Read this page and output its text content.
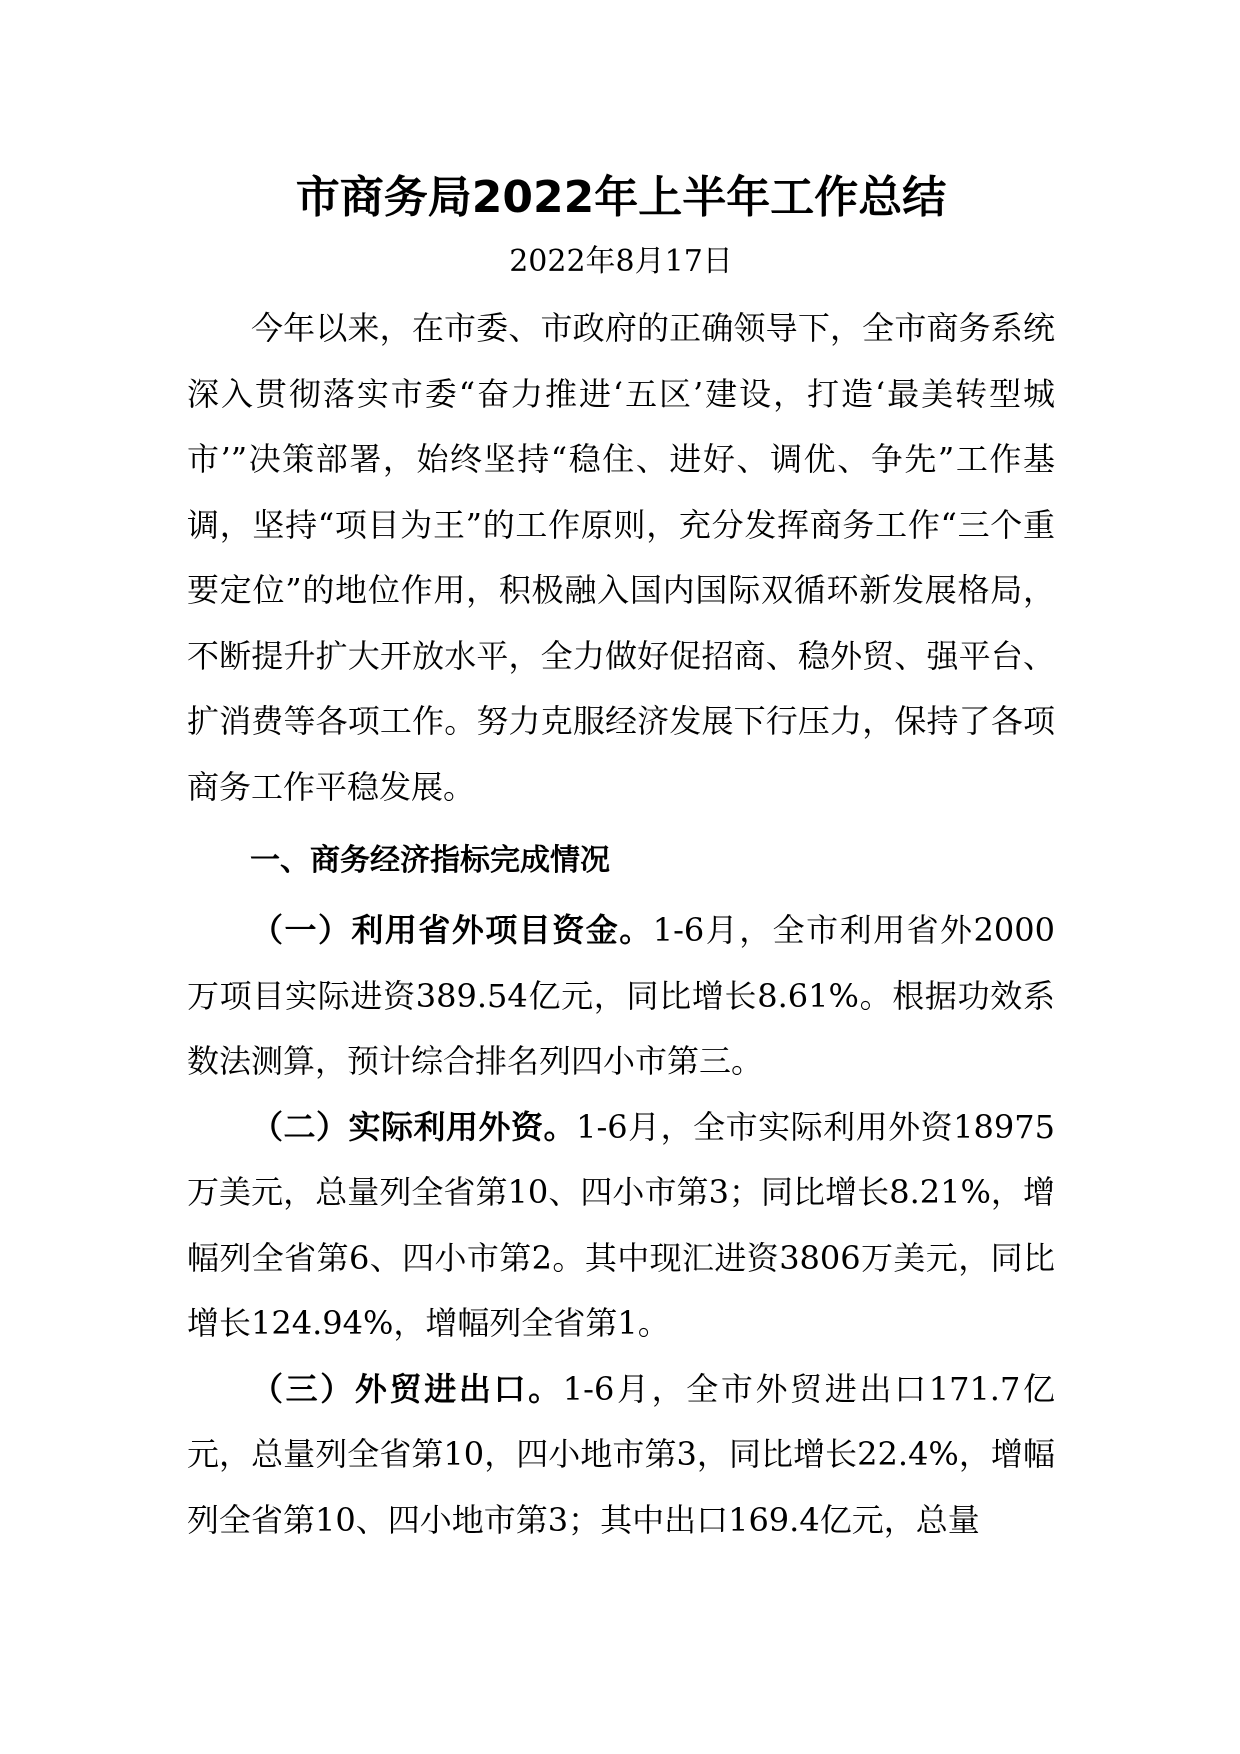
市商务局2022年上半年工作总结

2022年8月17日

今年以来，在市委、市政府的正确领导下，全市商务系统深入贯彻落实市委“奋力推进‘五区’建设，打造‘最美转型城市’”决策部署，始终坚持“稳住、进好、调优、争先”工作基调，坚持“项目为王”的工作原则，充分发挥商务工作“三个重要定位”的地位作用，积极融入国内国际双循环新发展格局，不断提升扩大开放水平，全力做好促招商、稳外贸、强平台、扩消费等各项工作。努力克服经济发展下行压力，保持了各项商务工作平稳发展。

一、商务经济指标完成情况

（一）利用省外项目资金。1-6月，全市利用省外2000万项目实际进资389.54亿元，同比增长8.61%。根据功效系数法测算，预计综合排名列四小市第三。

（二）实际利用外资。1-6月，全市实际利用外资18975万美元，总量列全省第10、四小市第3；同比增长8.21%，增幅列全省第6、四小市第2。其中现汇进资3806万美元，同比增长124.94%，增幅列全省第1。

（三）外贸进出口。1-6月，全市外贸进出口171.7亿元，总量列全省第10，四小地市第3，同比增长22.4%，增幅列全省第10、四小地市第3；其中出口169.4亿元，总量
